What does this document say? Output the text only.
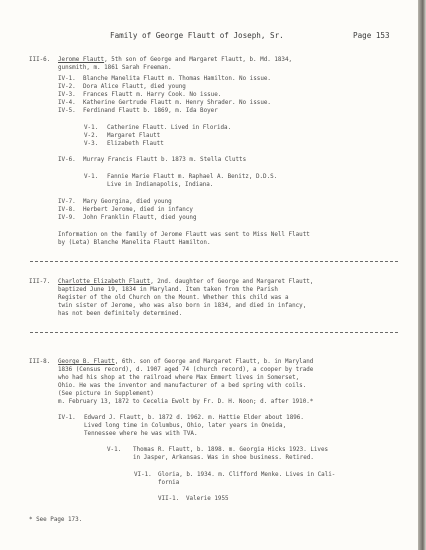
Family of George Flautt of Joseph, Sr.	Page 153
III-6. Jerome Flautt, 5th son of George and Margaret Flautt, b. Md. 1834,
gunsmith, m. 1861 Sarah Freeman.
IV-1. Blanche Manelita Flautt m. Thomas Hamilton. No issue.
IV-2. Dora Alice Flautt, died young
IV-3. Frances Flautt m. Harry Cook. No issue.
IV-4. Katherine Gertrude Flautt m. Henry Shrader. No issue.
IV-5. Ferdinand Flautt b. 1869, m. Ida Boyer
V-1. Catherine Flautt. Lived in Florida.
V-2. Margaret Flautt
V-3. Elizabeth Flautt
IV-6. Murray Francis Flautt b. 1873 m. Stella Clutts
V-1. Fannie Marie Flautt m. Raphael A. Benitz, D.D.S.
Live in Indianapolis, Indiana.
IV-7. Mary Georgina, died young
IV-8. Herbert Jerome, died in infancy
IV-9. John Franklin Flautt, died young
Information on the family of Jerome Flautt was sent to Miss Nell Flautt
by (Leta) Blanche Manelita Flautt Hamilton.
III-7. Charlotte Elizabeth Flautt, 2nd. daughter of George and Margaret Flautt,
baptized June 19, 1834 in Maryland. Item taken from the Parish
Register of the old Church on the Mount. Whether this child was a
twin sister of Jerome, who was also born in 1834, and died in infancy,
has not been definitely determined.
III-8. George B. Flautt, 6th. son of George and Margaret Flautt, b. in Maryland
1836 (Census record), d. 1907 aged 74 (church record), a cooper by trade
who had his shop at the railroad where Max Emmert lives in Somerset,
Ohio. He was the inventor and manufacturer of a bed spring with coils.
(See picture in Supplement)
m. February 13, 1872 to Cecelia Ewolt by Fr. D. H. Noon; d. after 1910.*
IV-1. Edward J. Flautt, b. 1872 d. 1962. m. Hattie Elder about 1896.
Lived long time in Columbus, Ohio, later years in Oneida,
Tennessee where he was with TVA.
V-1. Thomas R. Flautt, b. 1898. m. Georgia Hicks 1923. Lives
in Jasper, Arkansas. Was in shoe business. Retired.
VI-1. Gloria, b. 1934. m. Clifford Menke. Lives in Cali-
fornia
VII-1. Valerie 1955
* See Page 173.
